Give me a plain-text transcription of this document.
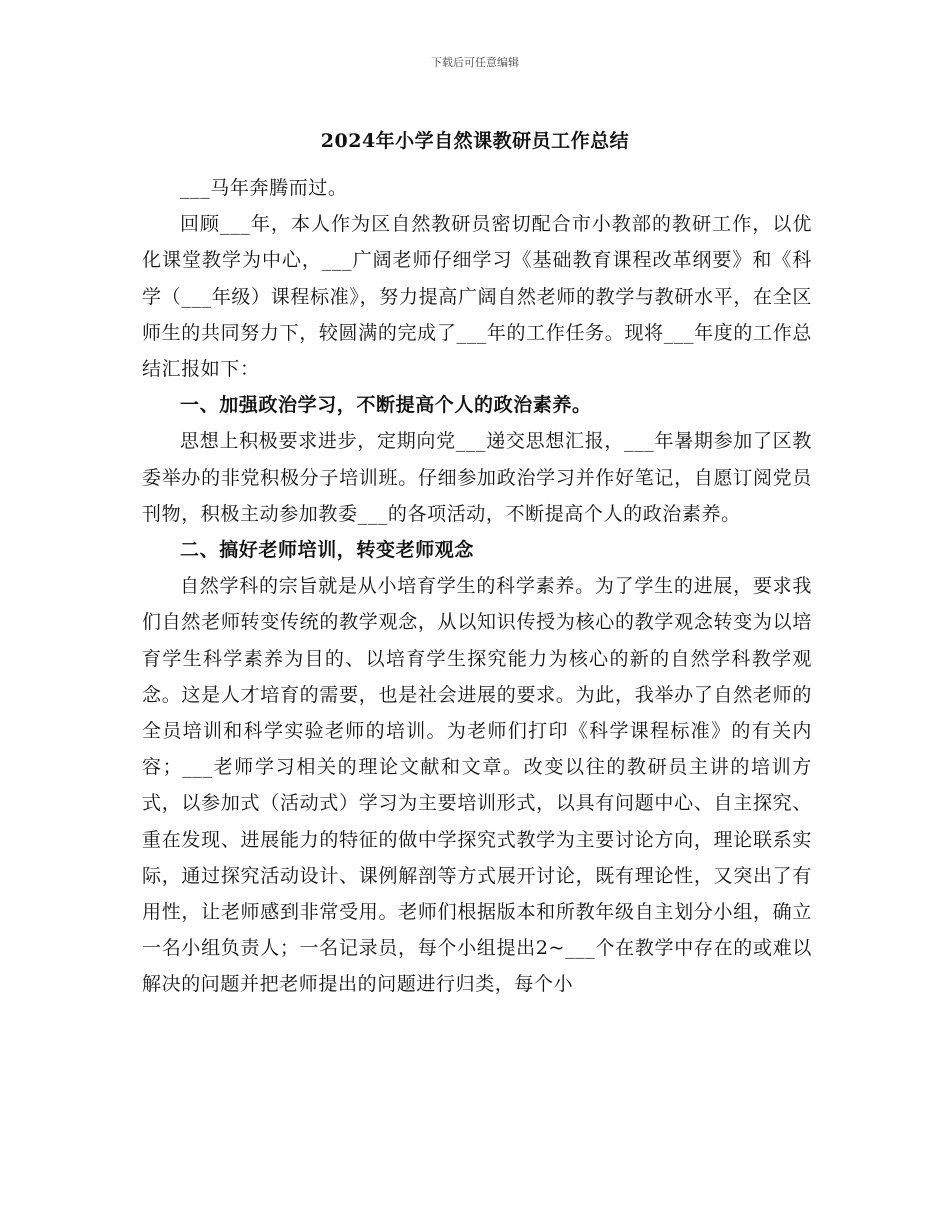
下载后可任意编辑
2024年小学自然课教研员工作总结

___马年奔腾而过。

回顾___年，本人作为区自然教研员密切配合市小教部的教研工作，以优化课堂教学为中心，___广阔老师仔细学习《基础教育课程改革纲要》和《科学（___年级）课程标准》，努力提高广阔自然老师的教学与教研水平，在全区师生的共同努力下，较圆满的完成了___年的工作任务。现将___年度的工作总结汇报如下：

一、加强政治学习，不断提高个人的政治素养。

思想上积极要求进步，定期向党___递交思想汇报，___年暑期参加了区教委举办的非党积极分子培训班。仔细参加政治学习并作好笔记，自愿订阅党员刊物，积极主动参加教委___的各项活动，不断提高个人的政治素养。

二、搞好老师培训，转变老师观念

自然学科的宗旨就是从小培育学生的科学素养。为了学生的进展，要求我们自然老师转变传统的教学观念，从以知识传授为核心的教学观念转变为以培育学生科学素养为目的、以培育学生探究能力为核心的新的自然学科教学观念。这是人才培育的需要，也是社会进展的要求。为此，我举办了自然老师的全员培训和科学实验老师的培训。为老师们打印《科学课程标准》的有关内容；___老师学习相关的理论文献和文章。改变以往的教研员主讲的培训方式，以参加式（活动式）学习为主要培训形式，以具有问题中心、自主探究、重在发现、进展能力的特征的做中学探究式教学为主要讨论方向，理论联系实际，通过探究活动设计、课例解剖等方式展开讨论，既有理论性，又突出了有用性，让老师感到非常受用。老师们根据版本和所教年级自主划分小组，确立一名小组负责人；一名记录员，每个小组提出2~___个在教学中存在的或难以解决的问题并把老师提出的问题进行归类，每个小
